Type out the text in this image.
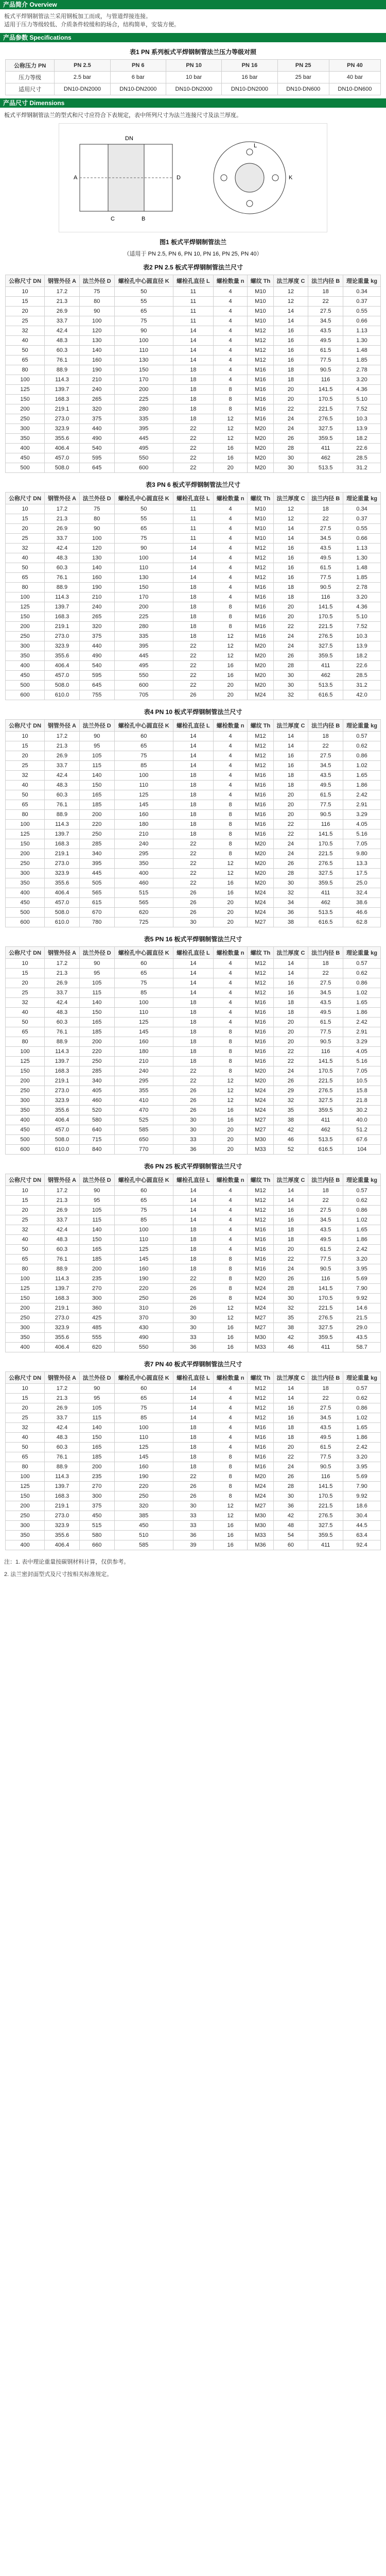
产品简介 Overview
板式平焊钢制管法兰采用钢板加工而成，与管道焊接连接。
适用于压力等级较低、介质条件较缓和的场合，结构简单，安装方便。
产品参数 Specifications
表1 PN 系列板式平焊钢制管法兰压力等级对照
公称压力 PN	PN 2.5	PN 6	PN 10	PN 16	PN 25	PN 40
压力等级	2.5 bar	6 bar	10 bar	16 bar	25 bar	40 bar
适用尺寸	DN10-DN2000	DN10-DN2000	DN10-DN2000	DN10-DN2000	DN10-DN600	DN10-DN600
产品尺寸 Dimensions
板式平焊钢制管法兰的型式和尺寸应符合下表规定，表中所列尺寸为法兰连接尺寸及法兰厚度。
DN
A	D
C	B
K
L
图1 板式平焊钢制管法兰
（适用于 PN 2.5, PN 6, PN 10, PN 16, PN 25, PN 40）
表2 PN 2.5 板式平焊钢制管法兰尺寸
公称尺寸 DN	钢管外径 A	法兰外径 D	螺栓孔中心圆直径 K	螺栓孔直径 L	螺栓数量 n	螺纹 Th	法兰厚度 C	法兰内径 B	理论重量 kg
10	17.2	75	50	11	4	M10	12	18	0.34
15	21.3	80	55	11	4	M10	12	22	0.37
20	26.9	90	65	11	4	M10	14	27.5	0.55
25	33.7	100	75	11	4	M10	14	34.5	0.66
32	42.4	120	90	14	4	M12	16	43.5	1.13
40	48.3	130	100	14	4	M12	16	49.5	1.30
50	60.3	140	110	14	4	M12	16	61.5	1.48
65	76.1	160	130	14	4	M12	16	77.5	1.85
80	88.9	190	150	18	4	M16	18	90.5	2.78
100	114.3	210	170	18	4	M16	18	116	3.20
125	139.7	240	200	18	8	M16	20	141.5	4.36
150	168.3	265	225	18	8	M16	20	170.5	5.10
200	219.1	320	280	18	8	M16	22	221.5	7.52
250	273.0	375	335	18	12	M16	24	276.5	10.3
300	323.9	440	395	22	12	M20	24	327.5	13.9
350	355.6	490	445	22	12	M20	26	359.5	18.2
400	406.4	540	495	22	16	M20	28	411	22.6
450	457.0	595	550	22	16	M20	30	462	28.5
500	508.0	645	600	22	20	M20	30	513.5	31.2
表3 PN 6 板式平焊钢制管法兰尺寸
公称尺寸 DN	钢管外径 A	法兰外径 D	螺栓孔中心圆直径 K	螺栓孔直径 L	螺栓数量 n	螺纹 Th	法兰厚度 C	法兰内径 B	理论重量 kg
10	17.2	75	50	11	4	M10	12	18	0.34
15	21.3	80	55	11	4	M10	12	22	0.37
20	26.9	90	65	11	4	M10	14	27.5	0.55
25	33.7	100	75	11	4	M10	14	34.5	0.66
32	42.4	120	90	14	4	M12	16	43.5	1.13
40	48.3	130	100	14	4	M12	16	49.5	1.30
50	60.3	140	110	14	4	M12	16	61.5	1.48
65	76.1	160	130	14	4	M12	16	77.5	1.85
80	88.9	190	150	18	4	M16	18	90.5	2.78
100	114.3	210	170	18	4	M16	18	116	3.20
125	139.7	240	200	18	8	M16	20	141.5	4.36
150	168.3	265	225	18	8	M16	20	170.5	5.10
200	219.1	320	280	18	8	M16	22	221.5	7.52
250	273.0	375	335	18	12	M16	24	276.5	10.3
300	323.9	440	395	22	12	M20	24	327.5	13.9
350	355.6	490	445	22	12	M20	26	359.5	18.2
400	406.4	540	495	22	16	M20	28	411	22.6
450	457.0	595	550	22	16	M20	30	462	28.5
500	508.0	645	600	22	20	M20	30	513.5	31.2
600	610.0	755	705	26	20	M24	32	616.5	42.0
表4 PN 10 板式平焊钢制管法兰尺寸
公称尺寸 DN	钢管外径 A	法兰外径 D	螺栓孔中心圆直径 K	螺栓孔直径 L	螺栓数量 n	螺纹 Th	法兰厚度 C	法兰内径 B	理论重量 kg
10	17.2	90	60	14	4	M12	14	18	0.57
15	21.3	95	65	14	4	M12	14	22	0.62
20	26.9	105	75	14	4	M12	16	27.5	0.86
25	33.7	115	85	14	4	M12	16	34.5	1.02
32	42.4	140	100	18	4	M16	18	43.5	1.65
40	48.3	150	110	18	4	M16	18	49.5	1.86
50	60.3	165	125	18	4	M16	20	61.5	2.42
65	76.1	185	145	18	8	M16	20	77.5	2.91
80	88.9	200	160	18	8	M16	20	90.5	3.29
100	114.3	220	180	18	8	M16	22	116	4.05
125	139.7	250	210	18	8	M16	22	141.5	5.16
150	168.3	285	240	22	8	M20	24	170.5	7.05
200	219.1	340	295	22	8	M20	24	221.5	9.80
250	273.0	395	350	22	12	M20	26	276.5	13.3
300	323.9	445	400	22	12	M20	28	327.5	17.5
350	355.6	505	460	22	16	M20	30	359.5	25.0
400	406.4	565	515	26	16	M24	32	411	32.4
450	457.0	615	565	26	20	M24	34	462	38.6
500	508.0	670	620	26	20	M24	36	513.5	46.6
600	610.0	780	725	30	20	M27	38	616.5	62.8
表5 PN 16 板式平焊钢制管法兰尺寸
公称尺寸 DN	钢管外径 A	法兰外径 D	螺栓孔中心圆直径 K	螺栓孔直径 L	螺栓数量 n	螺纹 Th	法兰厚度 C	法兰内径 B	理论重量 kg
10	17.2	90	60	14	4	M12	14	18	0.57
15	21.3	95	65	14	4	M12	14	22	0.62
20	26.9	105	75	14	4	M12	16	27.5	0.86
25	33.7	115	85	14	4	M12	16	34.5	1.02
32	42.4	140	100	18	4	M16	18	43.5	1.65
40	48.3	150	110	18	4	M16	18	49.5	1.86
50	60.3	165	125	18	4	M16	20	61.5	2.42
65	76.1	185	145	18	8	M16	20	77.5	2.91
80	88.9	200	160	18	8	M16	20	90.5	3.29
100	114.3	220	180	18	8	M16	22	116	4.05
125	139.7	250	210	18	8	M16	22	141.5	5.16
150	168.3	285	240	22	8	M20	24	170.5	7.05
200	219.1	340	295	22	12	M20	26	221.5	10.5
250	273.0	405	355	26	12	M24	29	276.5	15.8
300	323.9	460	410	26	12	M24	32	327.5	21.8
350	355.6	520	470	26	16	M24	35	359.5	30.2
400	406.4	580	525	30	16	M27	38	411	40.0
450	457.0	640	585	30	20	M27	42	462	51.2
500	508.0	715	650	33	20	M30	46	513.5	67.6
600	610.0	840	770	36	20	M33	52	616.5	104
表6 PN 25 板式平焊钢制管法兰尺寸
公称尺寸 DN	钢管外径 A	法兰外径 D	螺栓孔中心圆直径 K	螺栓孔直径 L	螺栓数量 n	螺纹 Th	法兰厚度 C	法兰内径 B	理论重量 kg
10	17.2	90	60	14	4	M12	14	18	0.57
15	21.3	95	65	14	4	M12	14	22	0.62
20	26.9	105	75	14	4	M12	16	27.5	0.86
25	33.7	115	85	14	4	M12	16	34.5	1.02
32	42.4	140	100	18	4	M16	18	43.5	1.65
40	48.3	150	110	18	4	M16	18	49.5	1.86
50	60.3	165	125	18	4	M16	20	61.5	2.42
65	76.1	185	145	18	8	M16	22	77.5	3.20
80	88.9	200	160	18	8	M16	24	90.5	3.95
100	114.3	235	190	22	8	M20	26	116	5.69
125	139.7	270	220	26	8	M24	28	141.5	7.90
150	168.3	300	250	26	8	M24	30	170.5	9.92
200	219.1	360	310	26	12	M24	32	221.5	14.6
250	273.0	425	370	30	12	M27	35	276.5	21.5
300	323.9	485	430	30	16	M27	38	327.5	29.0
350	355.6	555	490	33	16	M30	42	359.5	43.5
400	406.4	620	550	36	16	M33	46	411	58.7
表7 PN 40 板式平焊钢制管法兰尺寸
公称尺寸 DN	钢管外径 A	法兰外径 D	螺栓孔中心圆直径 K	螺栓孔直径 L	螺栓数量 n	螺纹 Th	法兰厚度 C	法兰内径 B	理论重量 kg
10	17.2	90	60	14	4	M12	14	18	0.57
15	21.3	95	65	14	4	M12	14	22	0.62
20	26.9	105	75	14	4	M12	16	27.5	0.86
25	33.7	115	85	14	4	M12	16	34.5	1.02
32	42.4	140	100	18	4	M16	18	43.5	1.65
40	48.3	150	110	18	4	M16	18	49.5	1.86
50	60.3	165	125	18	4	M16	20	61.5	2.42
65	76.1	185	145	18	8	M16	22	77.5	3.20
80	88.9	200	160	18	8	M16	24	90.5	3.95
100	114.3	235	190	22	8	M20	26	116	5.69
125	139.7	270	220	26	8	M24	28	141.5	7.90
150	168.3	300	250	26	8	M24	30	170.5	9.92
200	219.1	375	320	30	12	M27	36	221.5	18.6
250	273.0	450	385	33	12	M30	42	276.5	30.4
300	323.9	515	450	33	16	M30	48	327.5	44.5
350	355.6	580	510	36	16	M33	54	359.5	63.4
400	406.4	660	585	39	16	M36	60	411	92.4
注：1. 表中理论重量按碳钢材料计算，仅供参考。
2. 法兰密封面型式及尺寸按相关标准规定。
